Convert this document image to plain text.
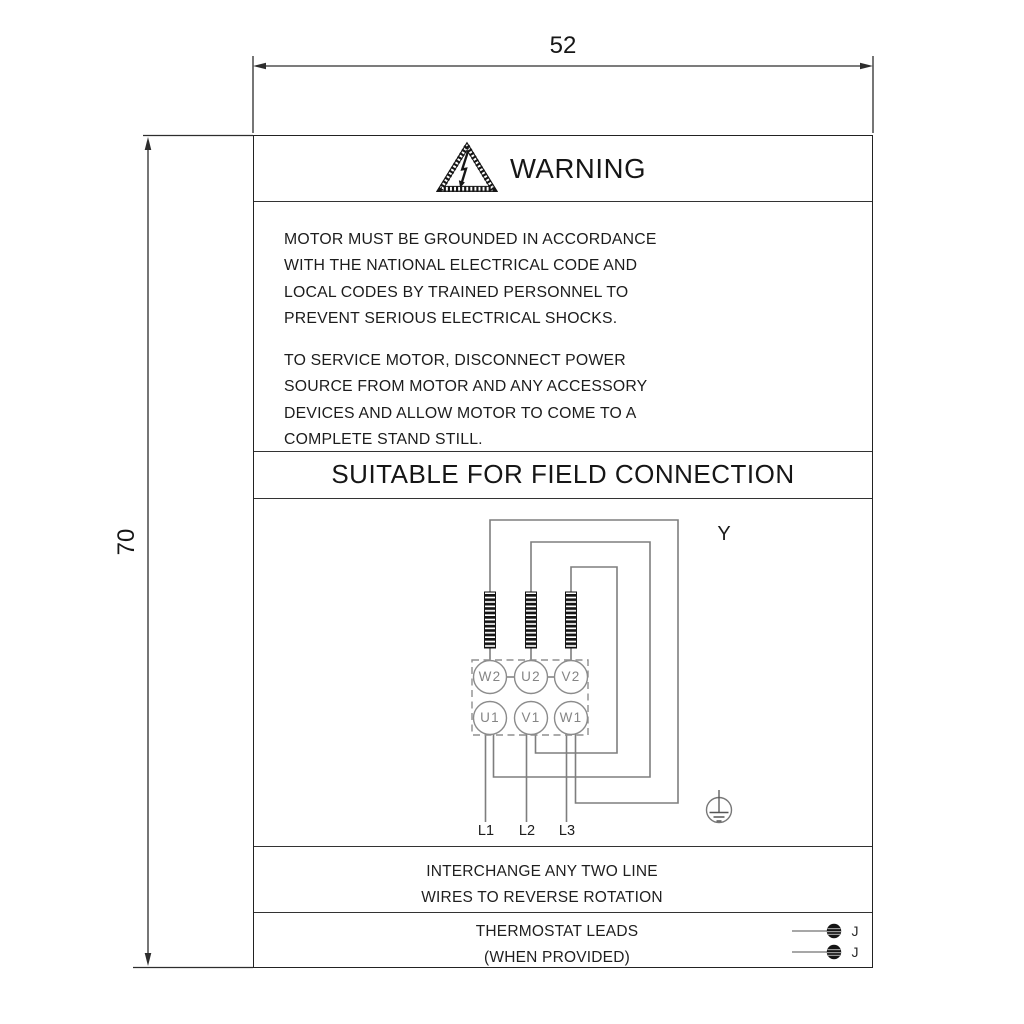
WARNING

MOTOR MUST BE GROUNDED IN ACCORDANCE
WITH THE NATIONAL ELECTRICAL CODE AND
LOCAL CODES BY TRAINED PERSONNEL TO
PREVENT SERIOUS ELECTRICAL SHOCKS.

TO SERVICE MOTOR, DISCONNECT POWER
SOURCE FROM MOTOR AND ANY ACCESSORY
DEVICES AND ALLOW MOTOR TO COME TO A
COMPLETE STAND STILL.

SUITABLE FOR FIELD CONNECTION
INTERCHANGE ANY TWO LINE
WIRES TO REVERSE ROTATION
THERMOSTAT LEADS
(WHEN PROVIDED)
52
70	Y
W2	U2	V2
U1	V1	W1
L1	L2	L3
J
J
